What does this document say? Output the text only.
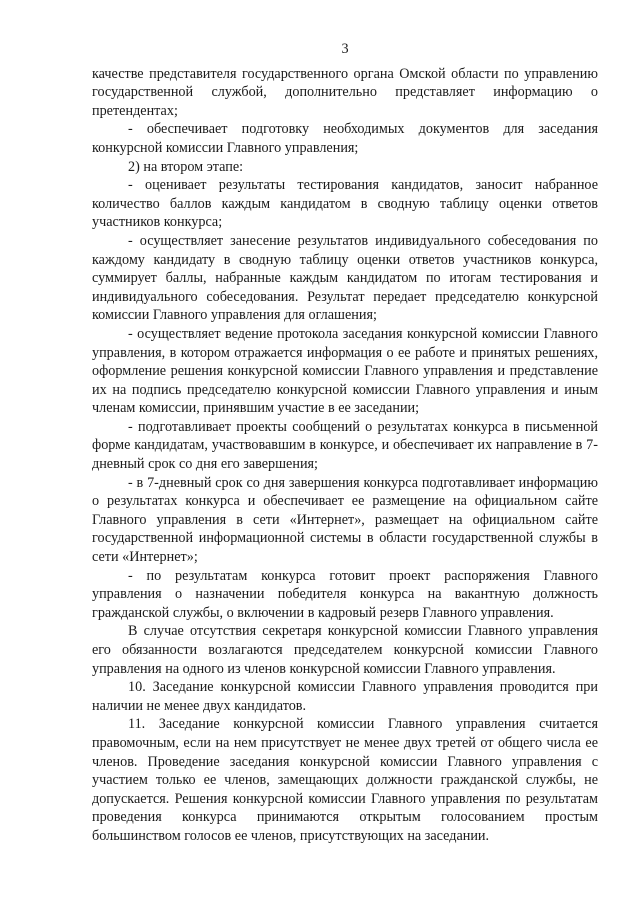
3

качестве представителя государственного органа Омской области по управлению государственной службой, дополнительно представляет информацию о претендентах;

- обеспечивает подготовку необходимых документов для заседания конкурсной комиссии Главного управления;

2) на втором этапе:

- оценивает результаты тестирования кандидатов, заносит набранное количество баллов каждым кандидатом в сводную таблицу оценки ответов участников конкурса;

- осуществляет занесение результатов индивидуального собеседования по каждому кандидату в сводную таблицу оценки ответов участников конкурса, суммирует баллы, набранные каждым кандидатом по итогам тестирования и индивидуального собеседования. Результат передает председателю конкурсной комиссии Главного управления для оглашения;

- осуществляет ведение протокола заседания конкурсной комиссии Главного управления, в котором отражается информация о ее работе и принятых решениях, оформление решения конкурсной комиссии Главного управления и представление их на подпись председателю конкурсной комиссии Главного управления и иным членам комиссии, принявшим участие в ее заседании;

- подготавливает проекты сообщений о результатах конкурса в письменной форме кандидатам, участвовавшим в конкурсе, и обеспечивает их направление в 7-дневный срок со дня его завершения;

- в 7-дневный срок со дня завершения конкурса подготавливает информацию о результатах конкурса и обеспечивает ее размещение на официальном сайте Главного управления в сети «Интернет», размещает на официальном сайте государственной информационной системы в области государственной службы в сети «Интернет»;

- по результатам конкурса готовит проект распоряжения Главного управления о назначении победителя конкурса на вакантную должность гражданской службы, о включении в кадровый резерв Главного управления.

В случае отсутствия секретаря конкурсной комиссии Главного управления его обязанности возлагаются председателем конкурсной комиссии Главного управления на одного из членов конкурсной комиссии Главного управления.

10. Заседание конкурсной комиссии Главного управления проводится при наличии не менее двух кандидатов.

11. Заседание конкурсной комиссии Главного управления считается правомочным, если на нем присутствует не менее двух третей от общего числа ее членов. Проведение заседания конкурсной комиссии Главного управления с участием только ее членов, замещающих должности гражданской службы, не допускается. Решения конкурсной комиссии Главного управления по результатам проведения конкурса принимаются открытым голосованием простым большинством голосов ее членов, присутствующих на заседании.
